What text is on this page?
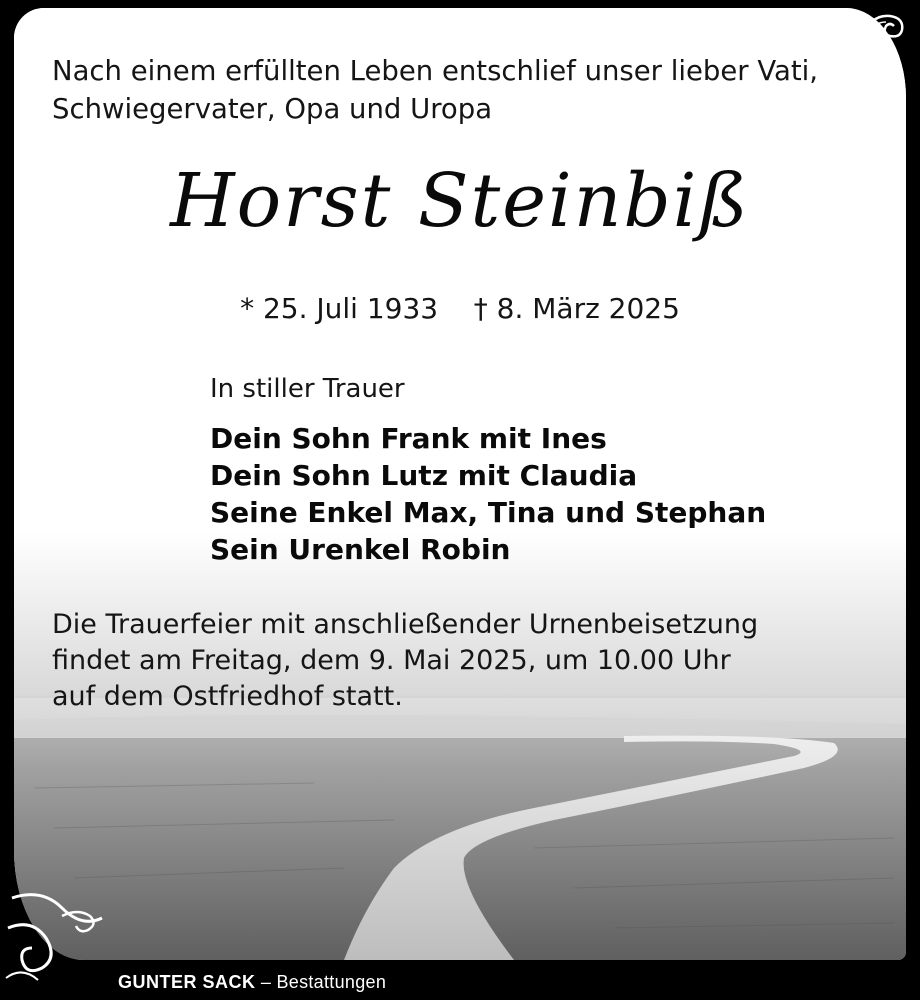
Nach einem erfüllten Leben entschlief unser lieber Vati, Schwiegervater, Opa und Uropa
Horst Steinbiß
* 25. Juli 1933 † 8. März 2025
In stiller Trauer
Dein Sohn Frank mit Ines
Dein Sohn Lutz mit Claudia
Seine Enkel Max, Tina und Stephan
Sein Urenkel Robin
Die Trauerfeier mit anschließender Urnenbeisetzung
findet am Freitag, dem 9. Mai 2025, um 10.00 Uhr
auf dem Ostfriedhof statt.
GUNTER SACK – Bestattungen
